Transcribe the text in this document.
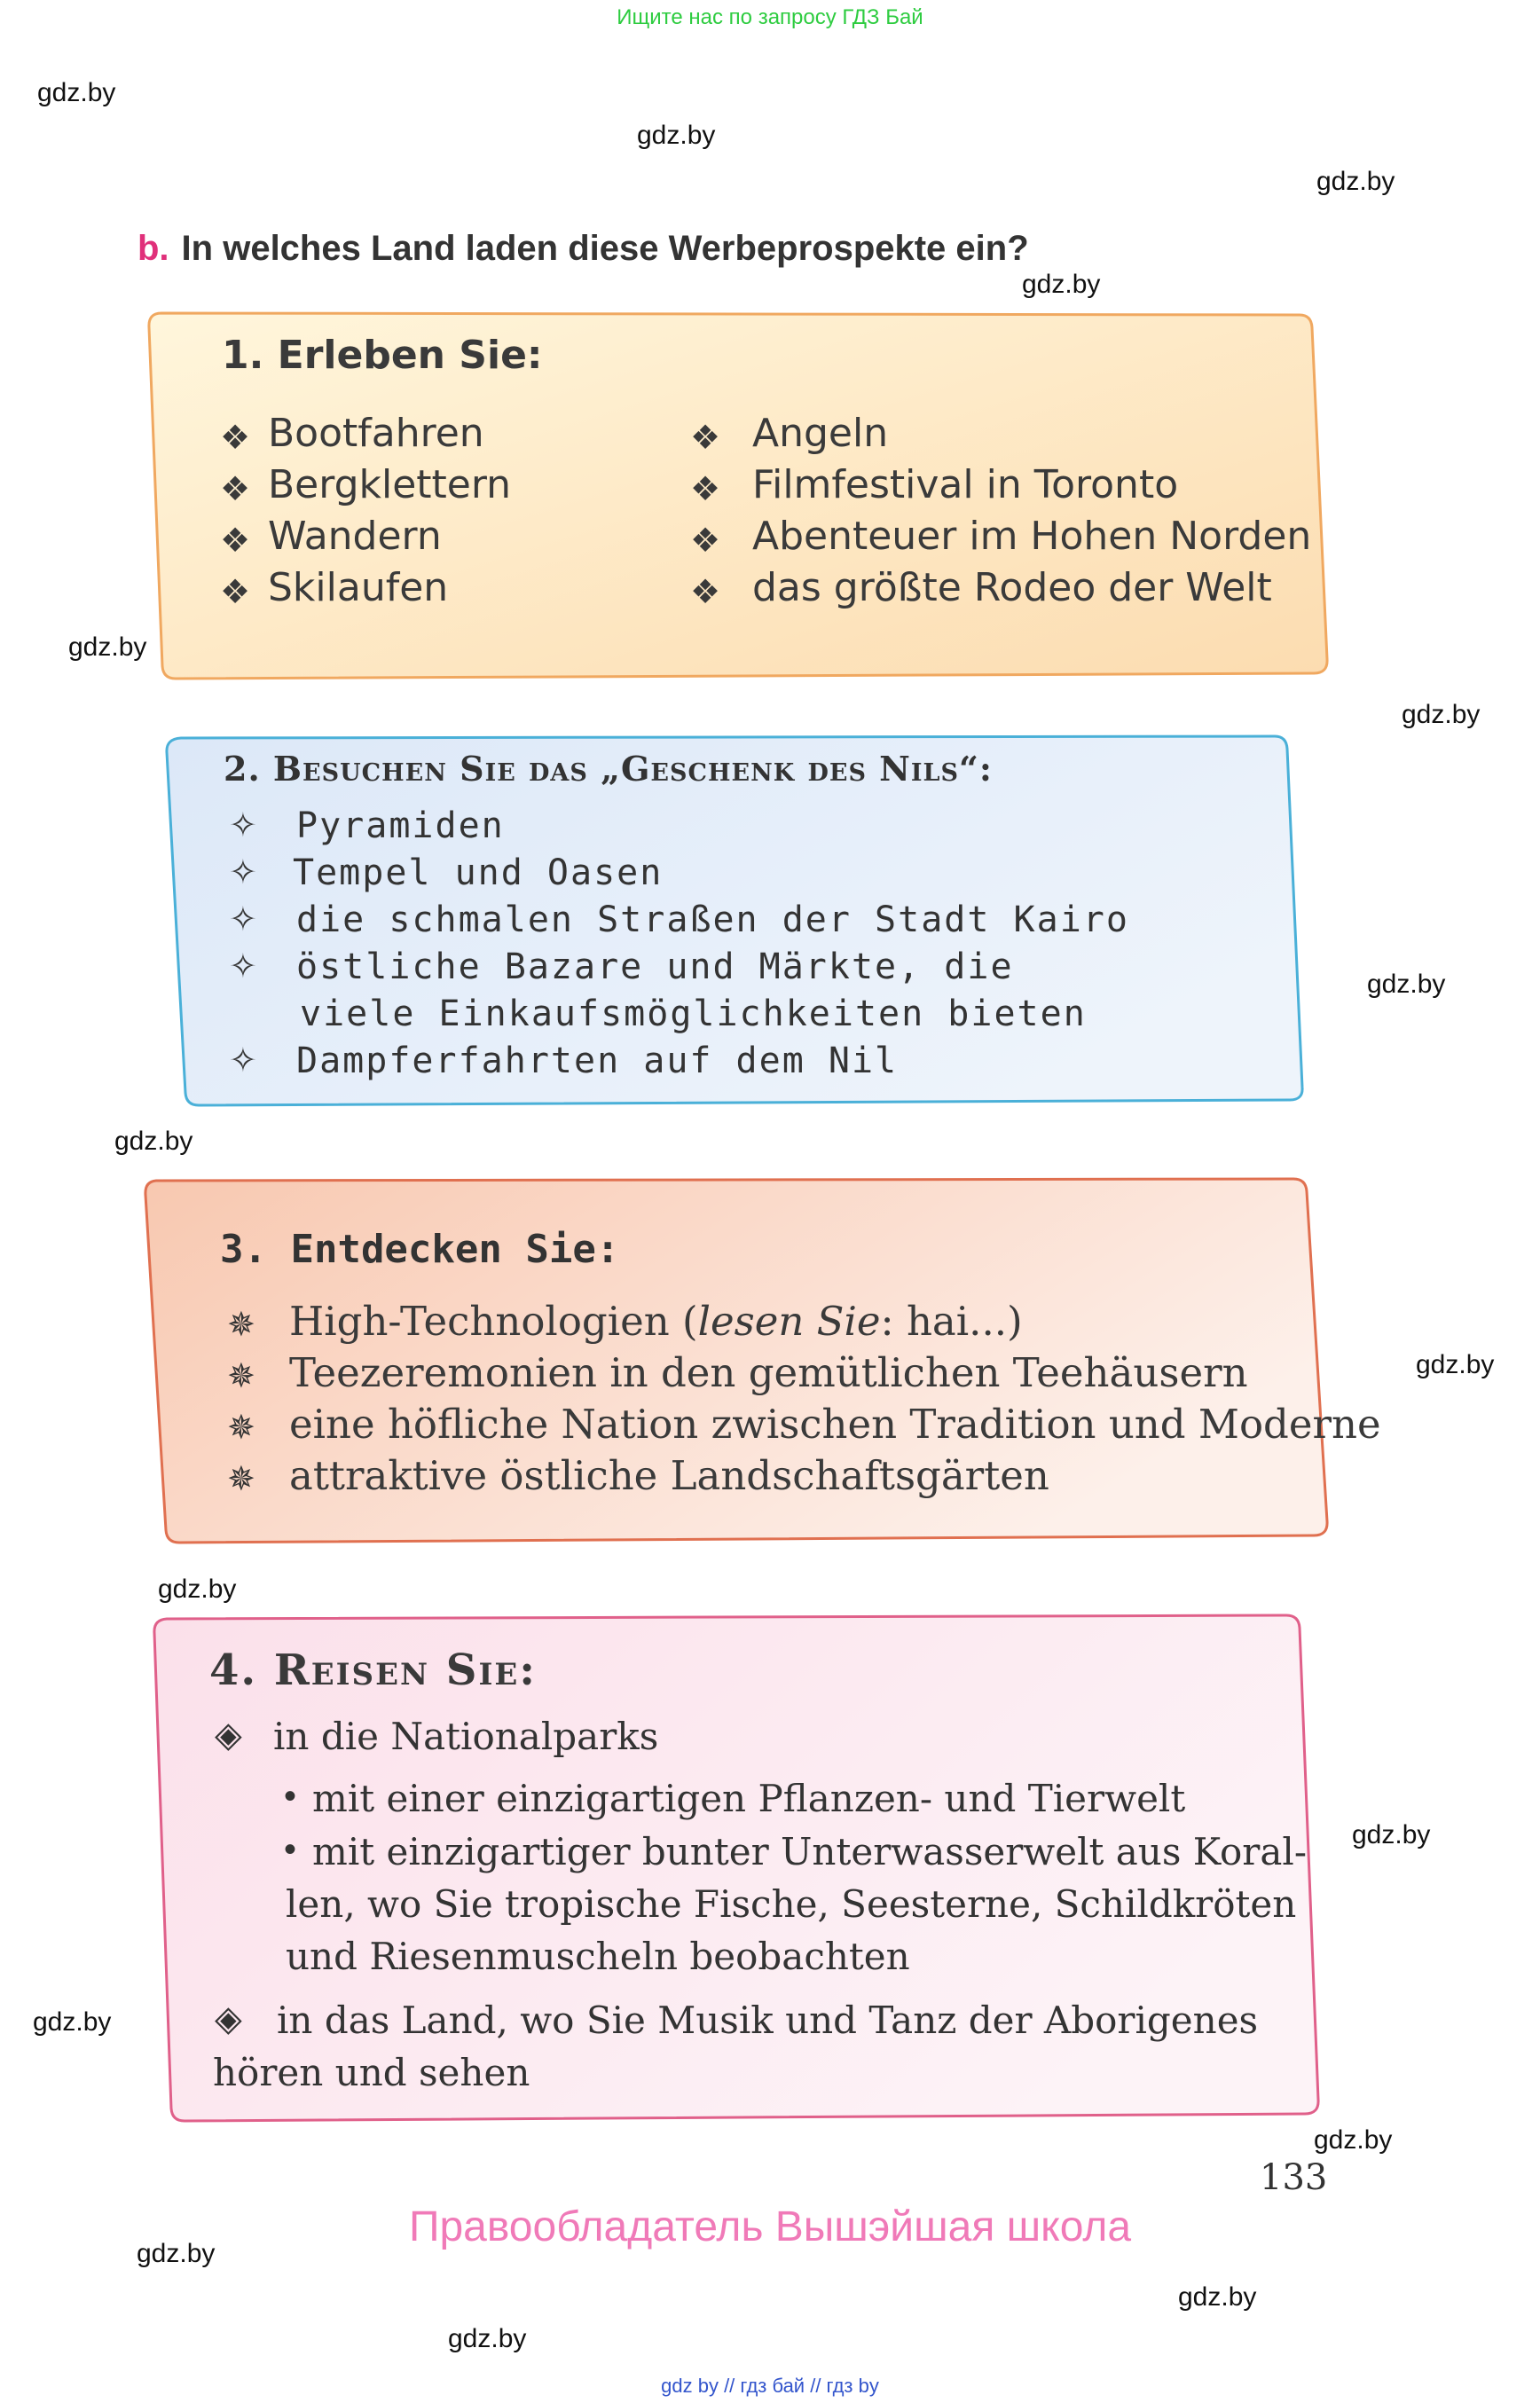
Ищите нас по запросу ГДЗ Бай
gdz.by
gdz.by
gdz.by
gdz.by
gdz.by
gdz.by
gdz.by
gdz.by
gdz.by
gdz.by
gdz.by
gdz.by
gdz.by
gdz.by
gdz.by
gdz.by
b. In welches Land laden diese Werbeprospekte ein?
1. Erleben Sie:
❖ Bootfahren
❖ Bergklettern
❖ Wandern
❖ Skilaufen
❖ Angeln
❖ Filmfestival in Toronto
❖ Abenteuer im Hohen Norden
❖ das größte Rodeo der Welt
2. Besuchen Sie das „Geschenk des Nils“:
✧ Pyramiden
✧ Tempel und Oasen
✧ die schmalen Straßen der Stadt Kairo
✧ östliche Bazare und Märkte, die
viele Einkaufsmöglichkeiten bieten
✧ Dampferfahrten auf dem Nil
3. Entdecken Sie:
✵ High-Technologien (lesen Sie: hai...)
✵ Teezeremonien in den gemütlichen Teehäusern
✵ eine höfliche Nation zwischen Tradition und Moderne
✵ attraktive östliche Landschaftsgärten
4. Reisen Sie:
◈ in die Nationalparks
• mit einer einzigartigen Pflanzen- und Tierwelt
• mit einzigartiger bunter Unterwasserwelt aus Koral-
len, wo Sie tropische Fische, Seesterne, Schildkröten
und Riesenmuscheln beobachten
◈ in das Land, wo Sie Musik und Tanz der Aborigenes
hören und sehen
133
Правообладатель Вышэйшая школа
gdz by // гдз бай // гдз by
